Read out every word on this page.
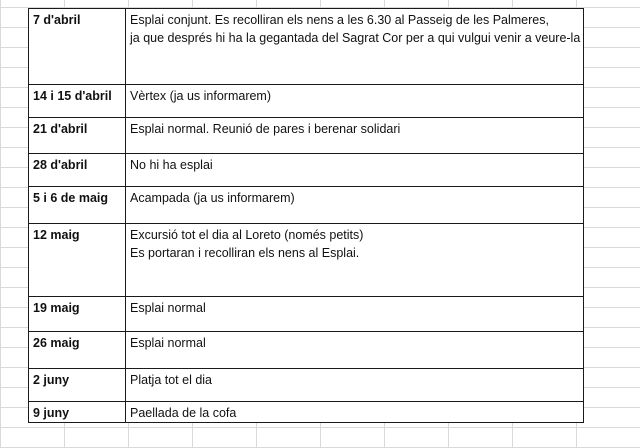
7 d'abril	Esplai conjunt. Es recolliran els nens a les 6.30 al Passeig de les Palmeres,
ja que després hi ha la gegantada del Sagrat Cor per a qui vulgui venir a veure-la

14 i 15 d'abril	Vèrtex (ja us informarem)

21 d'abril	Esplai normal. Reunió de pares i berenar solidari

28 d'abril	No hi ha esplai

5 i 6 de maig	Acampada (ja us informarem)

12 maig	Excursió tot el dia al Loreto (només petits)
Es portaran i recolliran els nens al Esplai.

19 maig	Esplai normal

26 maig	Esplai normal

2 juny	Platja tot el dia

9 juny	Paellada de la cofa
